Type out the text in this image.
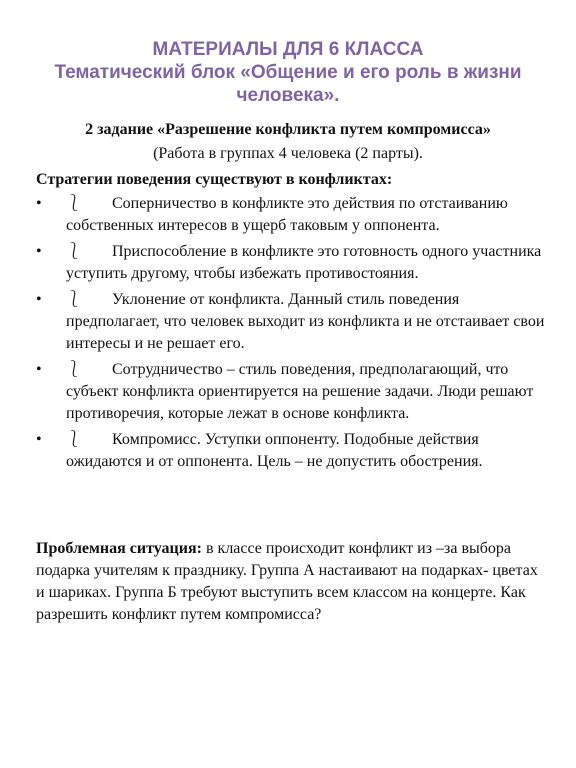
МАТЕРИАЛЫ ДЛЯ 6 КЛАССА
Тематический блок «Общение и его роль в жизни человека».
2 задание «Разрешение конфликта путем компромисса»
(Работа в группах 4 человека (2 парты).
Стратегии поведения существуют в конфликтах:
•	⎱ Соперничество в конфликте это действия по отстаиванию собственных интересов в ущерб таковым у оппонента.
•	⎱ Приспособление в конфликте это готовность одного участника уступить другому, чтобы избежать противостояния.
•	⎱ Уклонение от конфликта. Данный стиль поведения предполагает, что человек выходит из конфликта и не отстаивает свои интересы и не решает его.
•	⎱ Сотрудничество – стиль поведения, предполагающий, что субъект конфликта ориентируется на решение задачи. Люди решают противоречия, которые лежат в основе конфликта.
•	⎱ Компромисс. Уступки оппоненту. Подобные действия ожидаются и от оппонента. Цель – не допустить обострения.
Проблемная ситуация: в классе происходит конфликт из –за выбора подарка учителям к празднику. Группа А настаивают на подарках- цветах и шариках. Группа Б требуют выступить всем классом на концерте. Как разрешить конфликт путем компромисса?
